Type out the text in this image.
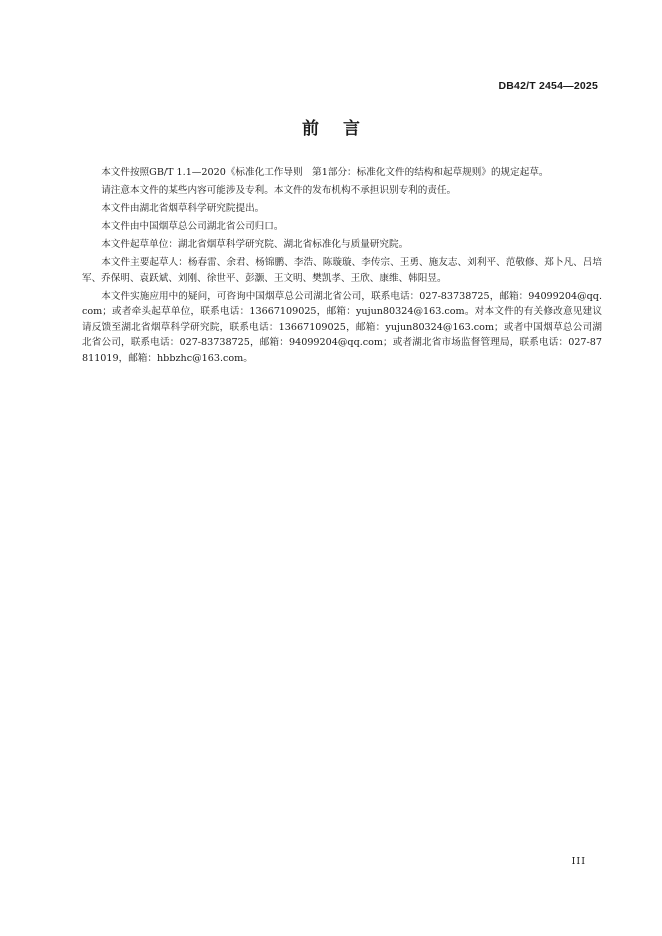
DB42/T 2454—2025
前言

本文件按照GB/T 1.1—2020《标准化工作导则　第1部分：标准化文件的结构和起草规则》的规定起草。

请注意本文件的某些内容可能涉及专利。本文件的发布机构不承担识别专利的责任。

本文件由湖北省烟草科学研究院提出。

本文件由中国烟草总公司湖北省公司归口。

本文件起草单位：湖北省烟草科学研究院、湖北省标准化与质量研究院。

本文件主要起草人：杨春雷、余君、杨锦鹏、李浩、陈璇璇、李传宗、王勇、施友志、刘利平、范敬修、郑卜凡、吕培军、乔保明、袁跃斌、刘刚、徐世平、彭灏、王文明、樊凯孝、王欣、康维、韩阳昱。

本文件实施应用中的疑问，可咨询中国烟草总公司湖北省公司，联系电话：027-83738725，邮箱：94099204@qq.com；或者牵头起草单位，联系电话：13667109025，邮箱：yujun80324@163.com。对本文件的有关修改意见建议请反馈至湖北省烟草科学研究院，联系电话：13667109025，邮箱：yujun80324@163.com；或者中国烟草总公司湖北省公司，联系电话：027-83738725，邮箱：94099204@qq.com；或者湖北省市场监督管理局，联系电话：027-87811019，邮箱：hbbzhc@163.com。

III
